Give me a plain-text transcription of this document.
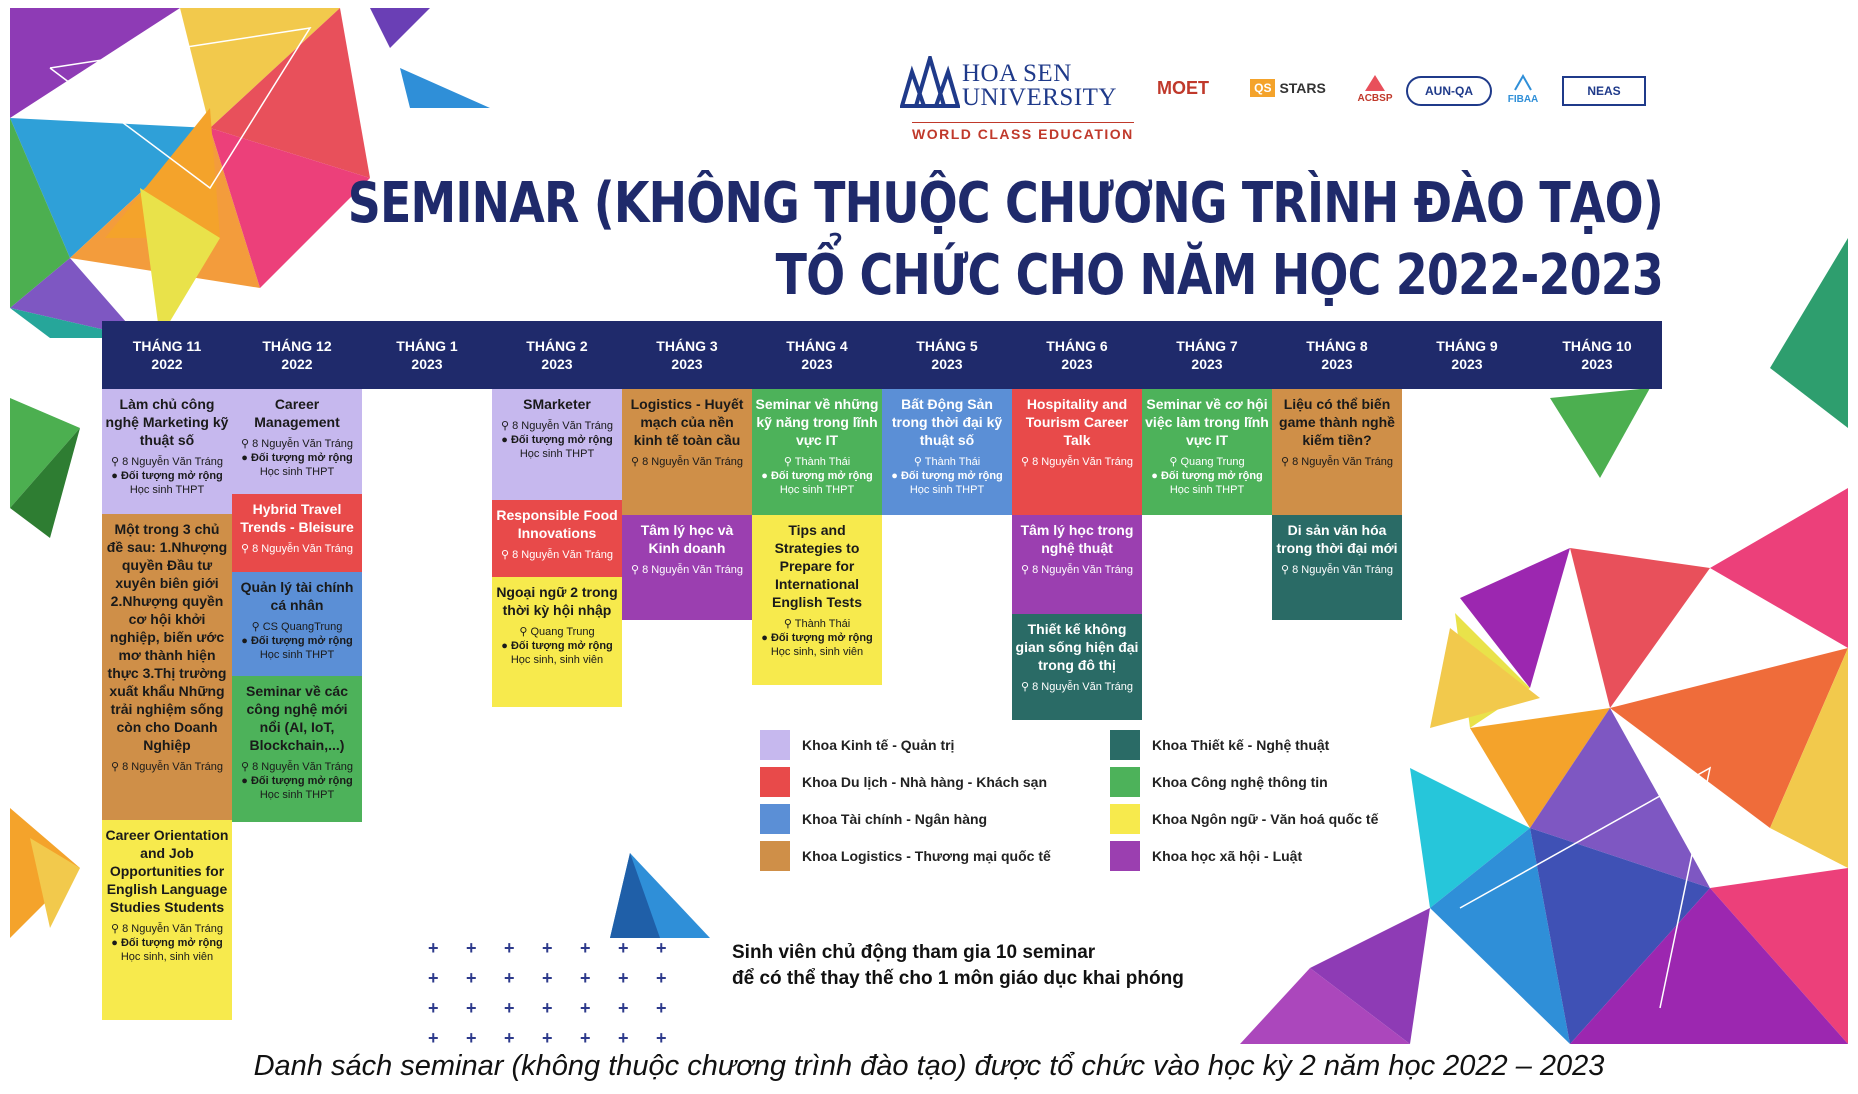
HOA SEN
UNIVERSITY
WORLD CLASS EDUCATION
MOET	QS STARS
ACBSP	AUN-QA
FIBAA
NEAS
SEMINAR (KHÔNG THUỘC CHƯƠNG TRÌNH ĐÀO TẠO)
TỔ CHỨC CHO NĂM HỌC 2022-2023
THÁNG 11
2022
THÁNG 12
2022
THÁNG 1
2023
THÁNG 2
2023
THÁNG 3
2023
THÁNG 4
2023
THÁNG 5
2023
THÁNG 6
2023
THÁNG 7
2023
THÁNG 8
2023
THÁNG 9
2023
THÁNG 10
2023
Làm chủ công nghệ Marketing kỹ thuật số
⚲ 8 Nguyễn Văn Tráng
● Đối tượng mở rộng
Học sinh THPT
Một trong 3 chủ đề sau: 1.Nhượng quyền Đầu tư xuyên biên giới 2.Nhượng quyền cơ hội khởi nghiệp, biến ước mơ thành hiện thực 3.Thị trường xuất khẩu Những trải nghiệm sống còn cho Doanh Nghiệp
⚲ 8 Nguyễn Văn Tráng
Career Orientation and Job Opportunities for English Language Studies Students
⚲ 8 Nguyễn Văn Tráng
● Đối tượng mở rộng
Học sinh, sinh viên
Career Management
⚲ 8 Nguyễn Văn Tráng
● Đối tượng mở rộng
Học sinh THPT
Hybrid Travel Trends - Bleisure
⚲ 8 Nguyễn Văn Tráng
Quản lý tài chính cá nhân
⚲ CS QuangTrung
● Đối tượng mở rộng
Học sinh THPT
Seminar về các công nghệ mới nổi (AI, IoT, Blockchain,...)
⚲ 8 Nguyễn Văn Tráng
● Đối tượng mở rộng
Học sinh THPT
SMarketer
⚲ 8 Nguyễn Văn Tráng
● Đối tượng mở rộng
Học sinh THPT
Responsible Food Innovations
⚲ 8 Nguyễn Văn Tráng
Ngoại ngữ 2 trong thời kỳ hội nhập
⚲ Quang Trung
● Đối tượng mở rộng
Học sinh, sinh viên
Logistics - Huyết mạch của nền kinh tế toàn cầu
⚲ 8 Nguyễn Văn Tráng
Tâm lý học và Kinh doanh
⚲ 8 Nguyễn Văn Tráng
Seminar về những kỹ năng trong lĩnh vực IT
⚲ Thành Thái
● Đối tượng mở rộng
Học sinh THPT
Tips and Strategies to Prepare for International English Tests
⚲ Thành Thái
● Đối tượng mở rộng
Học sinh, sinh viên
Bất Động Sản trong thời đại kỹ thuật số
⚲ Thành Thái
● Đối tượng mở rộng
Học sinh THPT
Hospitality and Tourism Career Talk
⚲ 8 Nguyễn Văn Tráng
Tâm lý học trong nghệ thuật
⚲ 8 Nguyễn Văn Tráng
Thiết kế không gian sống hiện đại trong đô thị
⚲ 8 Nguyễn Văn Tráng
Seminar về cơ hội việc làm trong lĩnh vực IT
⚲ Quang Trung
● Đối tượng mở rộng
Học sinh THPT
Liệu có thể biến game thành nghề kiếm tiền?
⚲ 8 Nguyễn Văn Tráng
Di sản văn hóa trong thời đại mới
⚲ 8 Nguyễn Văn Tráng
Khoa Kinh tế - Quản trị
Khoa Du lịch - Nhà hàng - Khách sạn
Khoa Tài chính - Ngân hàng
Khoa Logistics - Thương mại quốc tế
Khoa Thiết kế - Nghệ thuật
Khoa Công nghệ thông tin
Khoa Ngôn ngữ - Văn hoá quốc tế
Khoa học xã hội - Luật
+ + + + + + +
+ + + + + + +
+ + + + + + +
+ + + + + + +
Sinh viên chủ động tham gia 10 seminar
để có thể thay thế cho 1 môn giáo dục khai phóng
Danh sách seminar (không thuộc chương trình đào tạo) được tổ chức vào học kỳ 2 năm học 2022 – 2023
